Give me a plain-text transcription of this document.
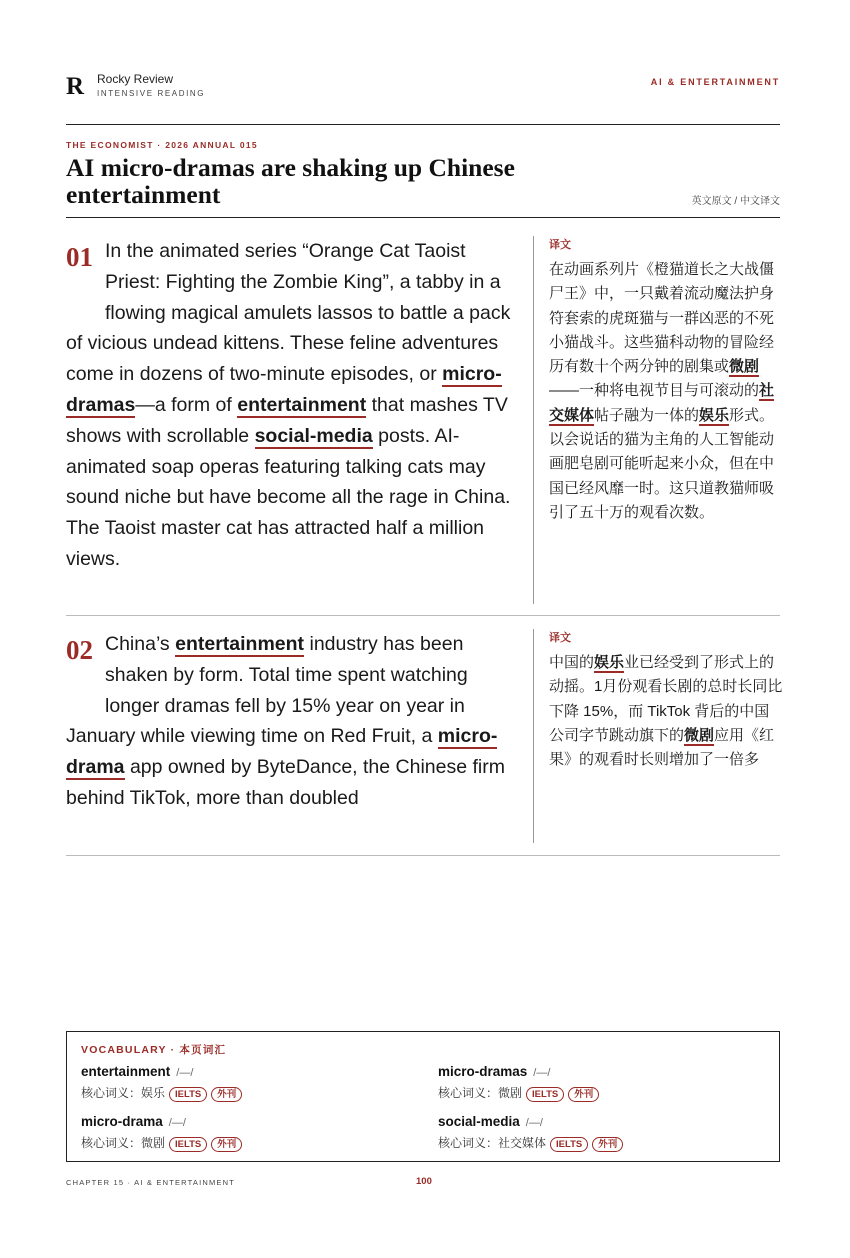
R Rocky Review
INTENSIVE READING
AI & ENTERTAINMENT
THE ECONOMIST · 2026 ANNUAL 015
AI micro-dramas are shaking up Chinese entertainment	英文原文 / 中文译文
01 In the animated series “Orange Cat Taoist Priest: Fighting the Zombie King”, a tabby in a flowing magical amulets lassos to battle a pack of vicious undead kittens. These feline adventures come in dozens of two-minute episodes, or micro-dramas—a form of entertainment that mashes TV shows with scrollable social-media posts. AI-animated soap operas featuring talking cats may sound niche but have become all the rage in China. The Taoist master cat has attracted half a million views.
译文
在动画系列片《橙猫道长之大战僵尸王》中，一只戴着流动魔法护身符套索的虎斑猫与一群凶恶的不死小猫战斗。这些猫科动物的冒险经历有数十个两分钟的剧集或微剧——一种将电视节目与可滚动的社交媒体帖子融为一体的娱乐形式。以会说话的猫为主角的人工智能动画肥皂剧可能听起来小众，但在中国已经风靡一时。这只道教猫师吸引了五十万的观看次数。
02 China’s entertainment industry has been shaken by form. Total time spent watching longer dramas fell by 15% year on year in January while viewing time on Red Fruit, a micro-drama app owned by ByteDance, the Chinese firm behind TikTok, more than doubled
译文
中国的娱乐业已经受到了形式上的动摇。1月份观看长剧的总时长同比下降 15%，而 TikTok 背后的中国公司字节跳动旗下的微剧应用《红果》的观看时长则增加了一倍多
VOCABULARY · 本页词汇
entertainment /—/
核心词义：娱乐 IELTS 外刊
micro-dramas /—/
核心词义：微剧 IELTS 外刊
micro-drama /—/
核心词义：微剧 IELTS 外刊
social-media /—/
核心词义：社交媒体 IELTS 外刊
CHAPTER 15 · AI & ENTERTAINMENT	100
